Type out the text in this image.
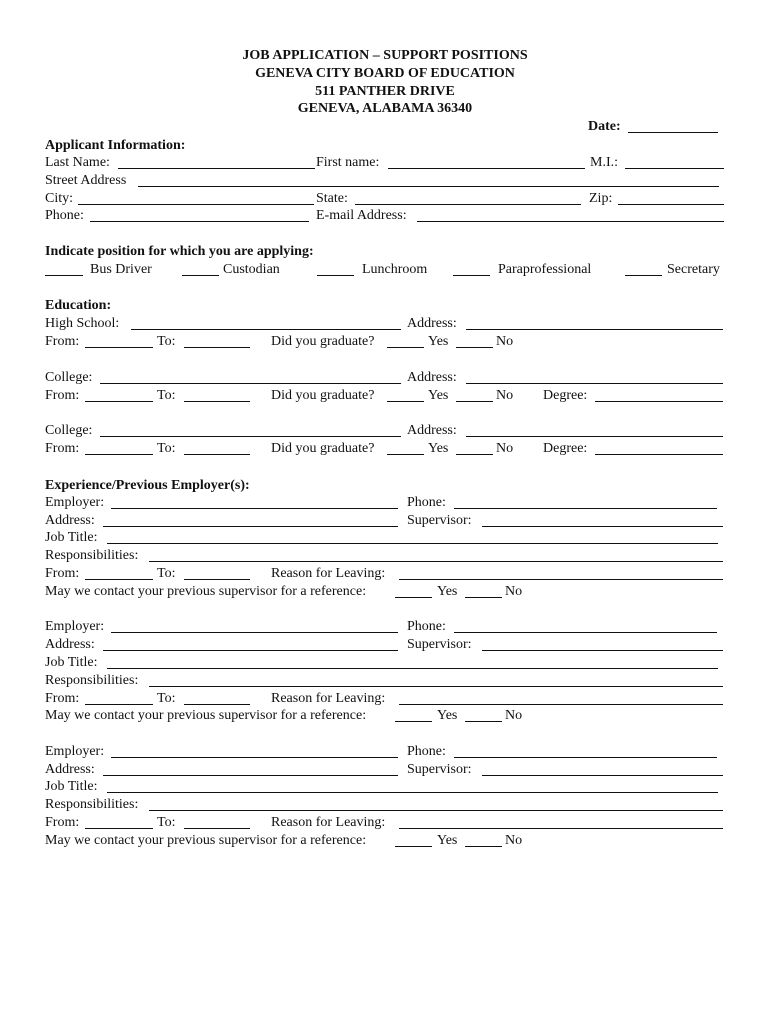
JOB APPLICATION – SUPPORT POSITIONS
GENEVA CITY BOARD OF EDUCATION
511 PANTHER DRIVE
GENEVA, ALABAMA 36340
Date:
Applicant Information:
Last Name:	First name:	M.I.:
Street Address
City:	State:	Zip:
Phone:	E-mail Address:
Indicate position for which you are applying:
Bus Driver	Custodian	Lunchroom	Paraprofessional	Secretary
Education:
High School:	Address:
From:	To:	Did you graduate?	Yes	No
College:	Address:
From:	To:	Did you graduate?	Yes	No Degree:
College:	Address:
From:	To:	Did you graduate?	Yes	No Degree:
Experience/Previous Employer(s):
Employer:	Phone:
Address:	Supervisor:
Job Title:
Responsibilities:
From:	To:	Reason for Leaving:
May we contact your previous supervisor for a reference:	Yes	No
Employer:	Phone:
Address:	Supervisor:
Job Title:
Responsibilities:
From:	To:	Reason for Leaving:
May we contact your previous supervisor for a reference:	Yes	No
Employer:	Phone:
Address:	Supervisor:
Job Title:
Responsibilities:
From:	To:	Reason for Leaving:
May we contact your previous supervisor for a reference:	Yes	No
